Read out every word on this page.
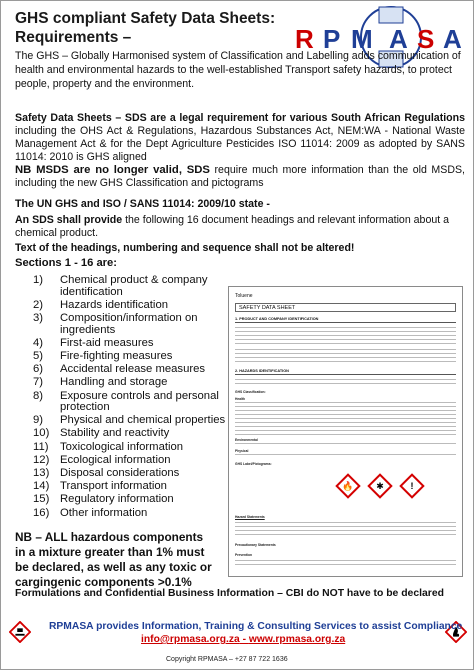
GHS compliant Safety Data Sheets:
Requirements –	R P M A S A
The GHS – Globally Harmonised system of Classification and Labelling adds communication of health and environmental hazards to the well-established Transport safety hazards, to protect people, property and the environment.
Safety Data Sheets – SDS are a legal requirement for various South African Regulations including the OHS Act & Regulations, Hazardous Substances Act, NEM:WA - National Waste Management Act & for the Dept Agriculture Pesticides ISO 11014: 2009 as adopted by SANS 11014: 2010 is GHS aligned
NB MSDS are no longer valid, SDS require much more information than the old MSDS, including the new GHS Classification and pictograms
The UN GHS and ISO / SANS 11014: 2009/10 state -
An SDS shall provide the following 16 document headings and relevant information about a chemical product.
Text of the headings, numbering and sequence shall not be altered!
Sections 1 - 16 are:
1)	Chemical product & company identification
2)	Hazards identification
3)	Composition/information on ingredients
4)	First-aid measures
5)	Fire-fighting measures
6)	Accidental release measures
7)	Handling and storage
8)	Exposure controls and personal protection
9)	Physical and chemical properties
10) Stability and reactivity
11)	Toxicological information
12) Ecological information
13) Disposal considerations
14) Transport information
15) Regulatory information
16) Other information
Toluene
SAFETY DATA SHEET
1. PRODUCT AND COMPANY IDENTIFICATION
2. HAZARDS IDENTIFICATION
GHS Classification:
Health
Environmental
Physical
GHS Label/Pictograms:
🔥	✱	!
Hazard Statements
Precautionary Statements
Prevention
NB – ALL hazardous components in a mixture greater than 1% must be declared, as well as any toxic or cargingenic components >0.1%
Formulations and Confidential Business Information – CBI do NOT have to be declared
RPMASA provides Information, Training & Consulting Services to assist Compliance
info@rpmasa.org.za - www.rpmasa.org.za
Copyright RPMASA – +27 87 722 1636
